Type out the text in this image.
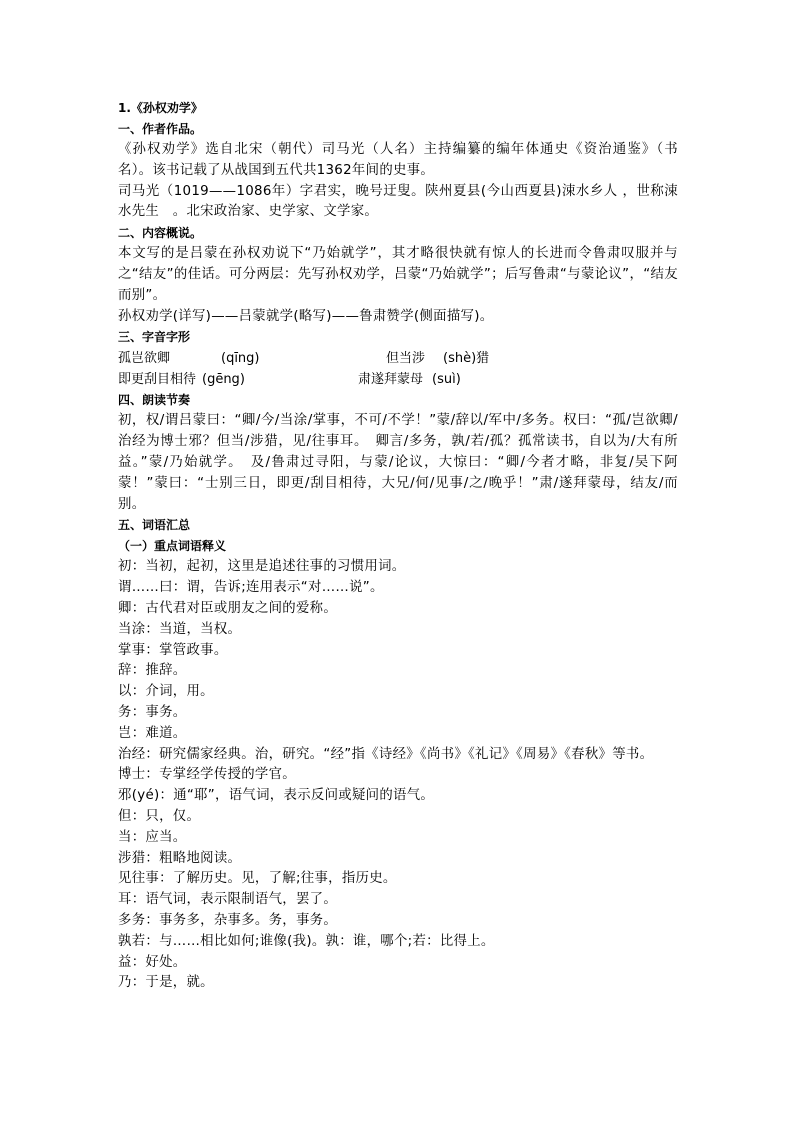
1.《孙权劝学》
一、作者作品。
《孙权劝学》选自北宋（朝代）司马光（人名）主持编纂的编年体通史《资治通鉴》（书名）。该书记载了从战国到五代共1362年间的史事。
司马光（1019——1086年）字君实，晚号迂叟。陕州夏县(今山西夏县)涑水乡人 ，世称涑水先生　。北宋政治家、史学家、文学家。
二、内容概说。
本文写的是吕蒙在孙权劝说下“乃始就学”，其才略很快就有惊人的长进而令鲁肃叹服并与之“结友”的佳话。可分两层：先写孙权劝学，吕蒙“乃始就学”；后写鲁肃“与蒙论议”，“结友而别”。
孙权劝学(详写)——吕蒙就学(略写)——鲁肃赞学(侧面描写)。
三、字音字形
孤岂欲卿	(qīng)	但当涉 (shè)猎
即更刮目相待 (gēng)	肃遂拜蒙母 (suì)
四、朗读节奏
初，权/谓吕蒙曰：“卿/今/当涂/掌事，不可/不学！”蒙/辞以/军中/多务。权曰：“孤/岂欲卿/治经为博士邪？但当/涉猎，见/往事耳。　卿言/多务，孰/若/孤？孤常读书，自以为/大有所益。”蒙/乃始就学。　及/鲁肃过寻阳，与蒙/论议，大惊曰：“卿/今者才略，非复/吴下阿蒙！”蒙曰：“士别三日，即更/刮目相待，大兄/何/见事/之/晚乎！”肃/遂拜蒙母，结友/而别。
五、词语汇总
（一）重点词语释义
初：当初，起初，这里是追述往事的习惯用词。
谓……曰：谓，告诉;连用表示“对……说”。
卿：古代君对臣或朋友之间的爱称。
当涂：当道，当权。
掌事：掌管政事。
辞：推辞。
以：介词，用。
务：事务。
岂：难道。
治经：研究儒家经典。治，研究。“经”指《诗经》《尚书》《礼记》《周易》《春秋》等书。
博士：专掌经学传授的学官。
邪(yé)：通“耶”，语气词，表示反问或疑问的语气。
但：只，仅。
当：应当。
涉猎：粗略地阅读。
见往事：了解历史。见，了解;往事，指历史。
耳：语气词，表示限制语气，罢了。
多务：事务多，杂事多。务，事务。
孰若：与……相比如何;谁像(我)。孰：谁，哪个;若：比得上。
益：好处。
乃：于是，就。
